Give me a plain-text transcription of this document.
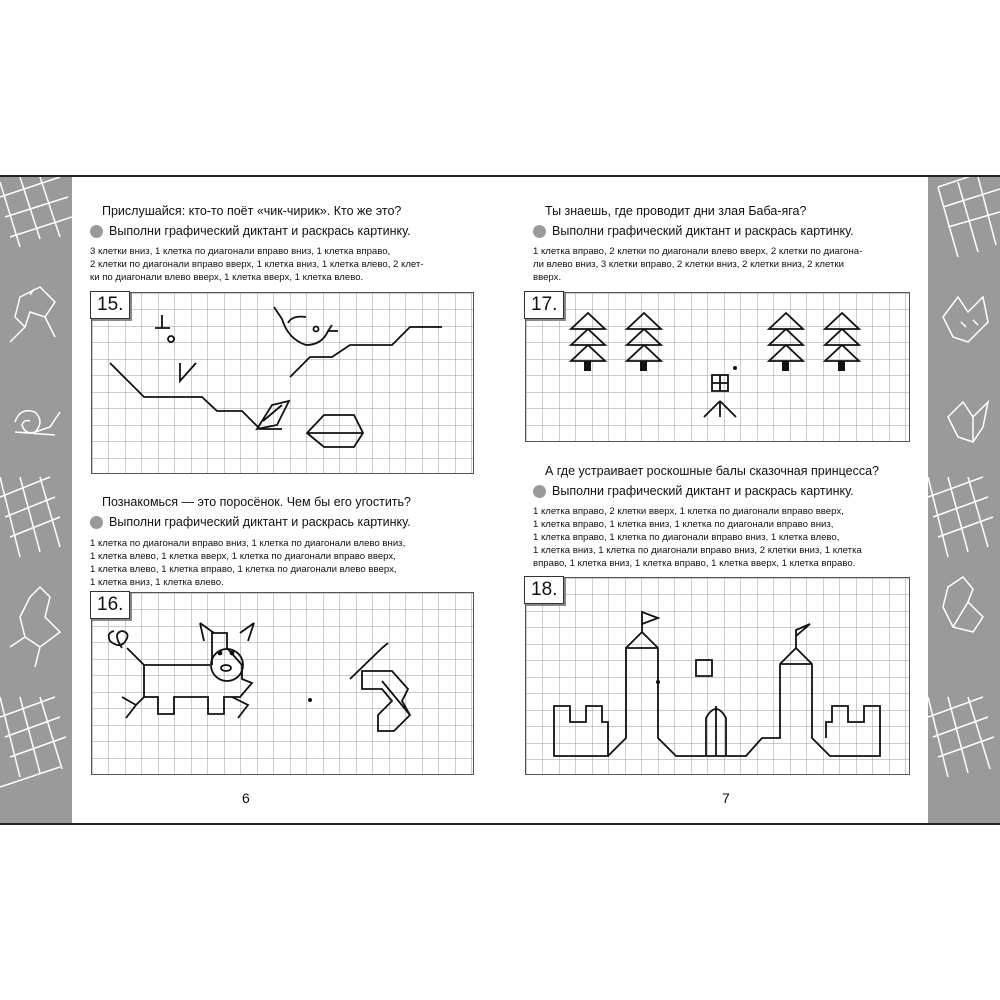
Прислушайся: кто-то поёт «чик-чирик». Кто же это?
Выполни графический диктант и раскрась картинку.
3 клетки вниз, 1 клетка по диагонали вправо вниз, 1 клетка вправо,
2 клетки по диагонали вправо вверх, 1 клетка вниз, 1 клетка влево, 2 клет-
ки по диагонали влево вверх, 1 клетка вверх, 1 клетка влево.
15.
Познакомься — это поросёнок. Чем бы его угостить?
Выполни графический диктант и раскрась картинку.
1 клетка по диагонали вправо вниз, 1 клетка по диагонали влево вниз,
1 клетка влево, 1 клетка вверх, 1 клетка по диагонали вправо вверх,
1 клетка влево, 1 клетка вправо, 1 клетка по диагонали влево вверх,
1 клетка вниз, 1 клетка влево.
16.
6
Ты знаешь, где проводит дни злая Баба-яга?
Выполни графический диктант и раскрась картинку.
1 клетка вправо, 2 клетки по диагонали влево вверх, 2 клетки по диагона-
ли влево вниз, 3 клетки вправо, 2 клетки вниз, 2 клетки вниз, 2 клетки
вверх.
17.
А где устраивает роскошные балы сказочная принцесса?
Выполни графический диктант и раскрась картинку.
1 клетка вправо, 2 клетки вверх, 1 клетка по диагонали вправо вверх,
1 клетка вправо, 1 клетка вниз, 1 клетка по диагонали вправо вниз,
1 клетка вправо, 1 клетка по диагонали вправо вниз, 1 клетка влево,
1 клетка вниз, 1 клетка по диагонали вправо вниз, 2 клетки вниз, 1 клетка
вправо, 1 клетка вниз, 1 клетка вправо, 1 клетка вверх, 1 клетка вправо.
18.
7
